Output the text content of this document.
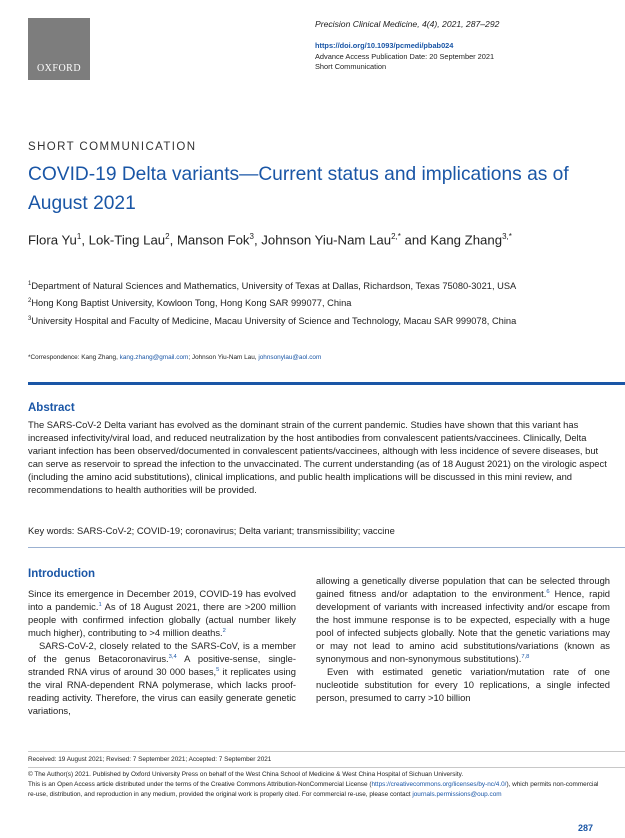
OXFORD
Precision Clinical Medicine, 4(4), 2021, 287–292
https://doi.org/10.1093/pcmedi/pbab024
Advance Access Publication Date: 20 September 2021
Short Communication
SHORT COMMUNICATION
COVID-19 Delta variants—Current status and implications as of August 2021
Flora Yu$^1$, Lok-Ting Lau$^2$, Manson Fok$^3$, Johnson Yiu-Nam Lau$^{2,*}$ and Kang Zhang$^{3,*}$
$^1$Department of Natural Sciences and Mathematics, University of Texas at Dallas, Richardson, Texas 75080-3021, USA
$^2$Hong Kong Baptist University, Kowloon Tong, Hong Kong SAR 999077, China
$^3$University Hospital and Faculty of Medicine, Macau University of Science and Technology, Macau SAR 999078, China
*Correspondence: Kang Zhang, kang.zhang@gmail.com; Johnson Yiu-Nam Lau, johnsonylau@aol.com
Abstract

The SARS-CoV-2 Delta variant has evolved as the dominant strain of the current pandemic. Studies have shown that this variant has increased infectivity/viral load, and reduced neutralization by the host antibodies from convalescent patients/vaccinees. Clinically, Delta variant infection has been observed/documented in convalescent patients/vaccinees, although with less incidence of severe diseases, but can serve as reservoir to spread the infection to the unvaccinated. The current understanding (as of 18 August 2021) on the virologic aspect (including the amino acid substitutions), clinical implications, and public health implications will be discussed in this mini review, and recommendations to health authorities will be provided.

Key words: SARS-CoV-2; COVID-19; coronavirus; Delta variant; transmissibility; vaccine
Introduction

Since its emergence in December 2019, COVID-19 has evolved into a pandemic.$^1$ As of 18 August 2021, there are >200 million people with confirmed infection globally (actual number likely much higher), contributing to >4 million deaths.$^2$

SARS-CoV-2, closely related to the SARS-CoV, is a member of the genus Betacoronavirus.$^{3,4}$ A positive-sense, single-stranded RNA virus of around 30 000 bases,$^5$ it replicates using the viral RNA-dependent RNA polymerase, which lacks proof-reading activity. Therefore, the virus can easily generate genetic variations,

allowing a genetically diverse population that can be selected through gained fitness and/or adaptation to the environment.$^6$ Hence, rapid development of variants with increased infectivity and/or escape from the host immune response is to be expected, especially with a huge pool of infected subjects globally. Note that the genetic variations may or may not lead to amino acid substitutions/variations (known as synonymous and non-synonymous substitutions).$^{7,8}$

Even with estimated genetic variation/mutation rate of one nucleotide substitution for every 10 replications, a single infected person, presumed to carry >10 billion

Received: 19 August 2021; Revised: 7 September 2021; Accepted: 7 September 2021
© The Author(s) 2021. Published by Oxford University Press on behalf of the West China School of Medicine & West China Hospital of Sichuan University.
This is an Open Access article distributed under the terms of the Creative Commons Attribution-NonCommercial License (https://creativecommons.org/licenses/by-nc/4.0/), which permits non-commercial re-use, distribution, and reproduction in any medium, provided the original work is properly cited. For commercial re-use, please contact journals.permissions@oup.com
287
